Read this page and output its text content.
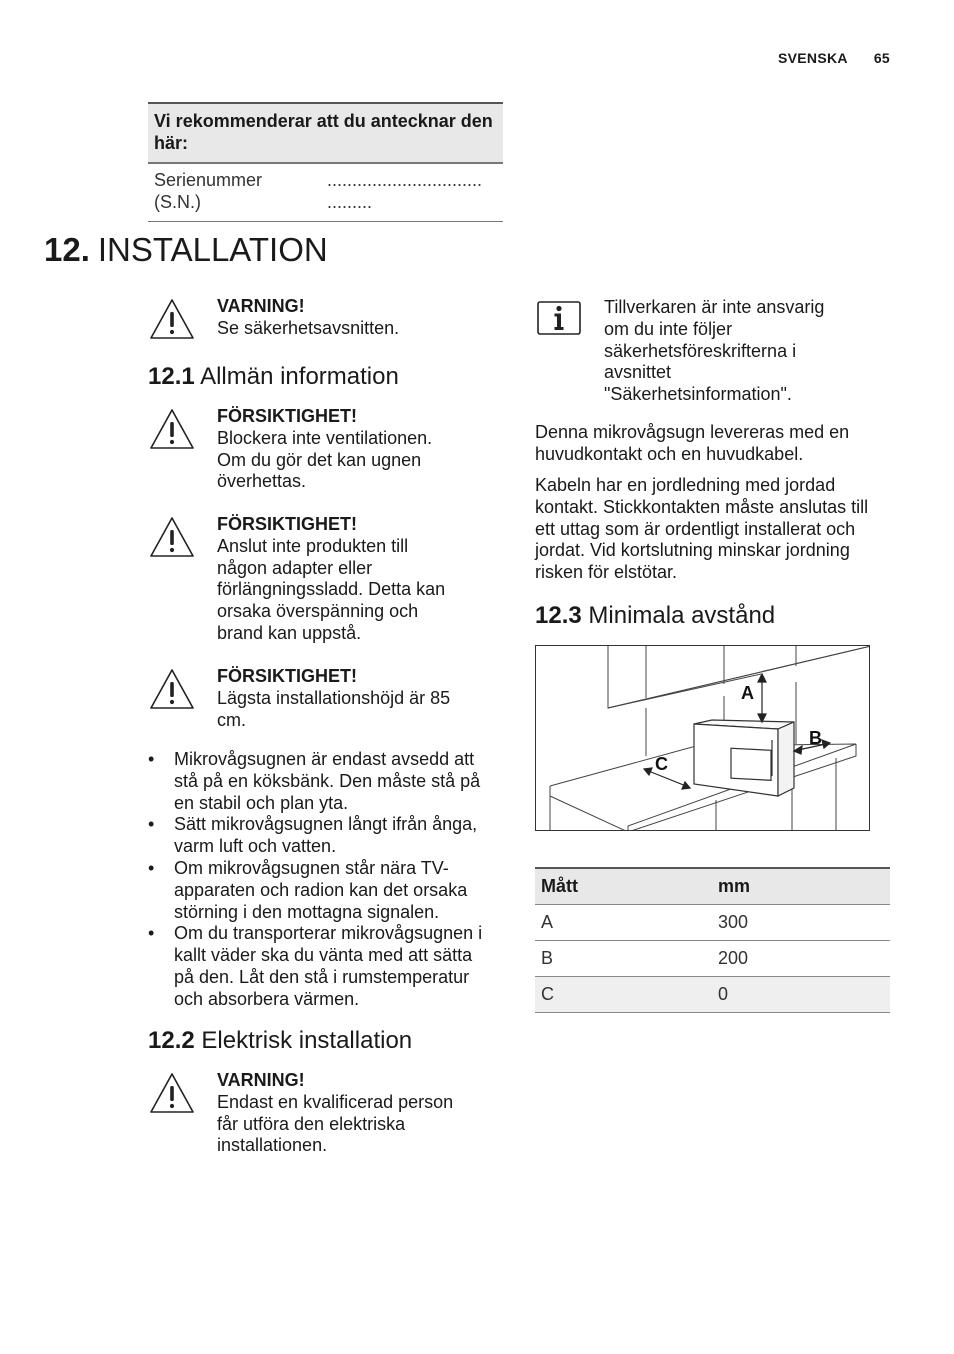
SVENSKA 65
Vi rekommenderar att du antecknar den här:
Serienummer
(S.N.)
...............................
.........
12. INSTALLATION
VARNING!
Se säkerhetsavsnitten.
12.1 Allmän information
FÖRSIKTIGHET!
Blockera inte ventilationen.
Om du gör det kan ugnen
överhettas.
FÖRSIKTIGHET!
Anslut inte produkten till
någon adapter eller
förlängningssladd. Detta kan
orsaka överspänning och
brand kan uppstå.
FÖRSIKTIGHET!
Lägsta installationshöjd är 85
cm.
• Mikrovågsugnen är endast avsedd att
stå på en köksbänk. Den måste stå på
en stabil och plan yta.
• Sätt mikrovågsugnen långt ifrån ånga,
varm luft och vatten.
• Om mikrovågsugnen står nära TV-
apparaten och radion kan det orsaka
störning i den mottagna signalen.
• Om du transporterar mikrovågsugnen i
kallt väder ska du vänta med att sätta
på den. Låt den stå i rumstemperatur
och absorbera värmen.
12.2 Elektrisk installation
VARNING!
Endast en kvalificerad person
får utföra den elektriska
installationen.
Tillverkaren är inte ansvarig
om du inte följer
säkerhetsföreskrifterna i
avsnittet
"Säkerhetsinformation".
Denna mikrovågsugn levereras med en
huvudkontakt och en huvudkabel.
Kabeln har en jordledning med jordad
kontakt. Stickkontakten måste anslutas till
ett uttag som är ordentligt installerat och
jordat. Vid kortslutning minskar jordning
risken för elstötar.
12.3 Minimala avstånd
A
B
C
Mått	mm
A	300
B	200
C	0
